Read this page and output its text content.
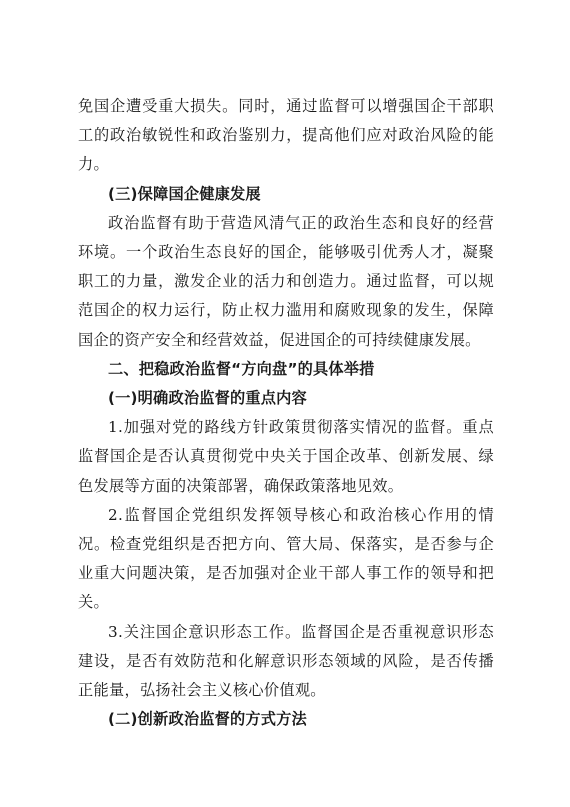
免国企遭受重大损失。同时，通过监督可以增强国企干部职工的政治敏锐性和政治鉴别力，提高他们应对政治风险的能力。

(三)保障国企健康发展

政治监督有助于营造风清气正的政治生态和良好的经营环境。一个政治生态良好的国企，能够吸引优秀人才，凝聚职工的力量，激发企业的活力和创造力。通过监督，可以规范国企的权力运行，防止权力滥用和腐败现象的发生，保障国企的资产安全和经营效益，促进国企的可持续健康发展。

二、把稳政治监督“方向盘”的具体举措

(一)明确政治监督的重点内容

1.加强对党的路线方针政策贯彻落实情况的监督。重点监督国企是否认真贯彻党中央关于国企改革、创新发展、绿色发展等方面的决策部署，确保政策落地见效。

2.监督国企党组织发挥领导核心和政治核心作用的情况。检查党组织是否把方向、管大局、保落实，是否参与企业重大问题决策，是否加强对企业干部人事工作的领导和把关。

3.关注国企意识形态工作。监督国企是否重视意识形态建设，是否有效防范和化解意识形态领域的风险，是否传播正能量，弘扬社会主义核心价值观。

(二)创新政治监督的方式方法
